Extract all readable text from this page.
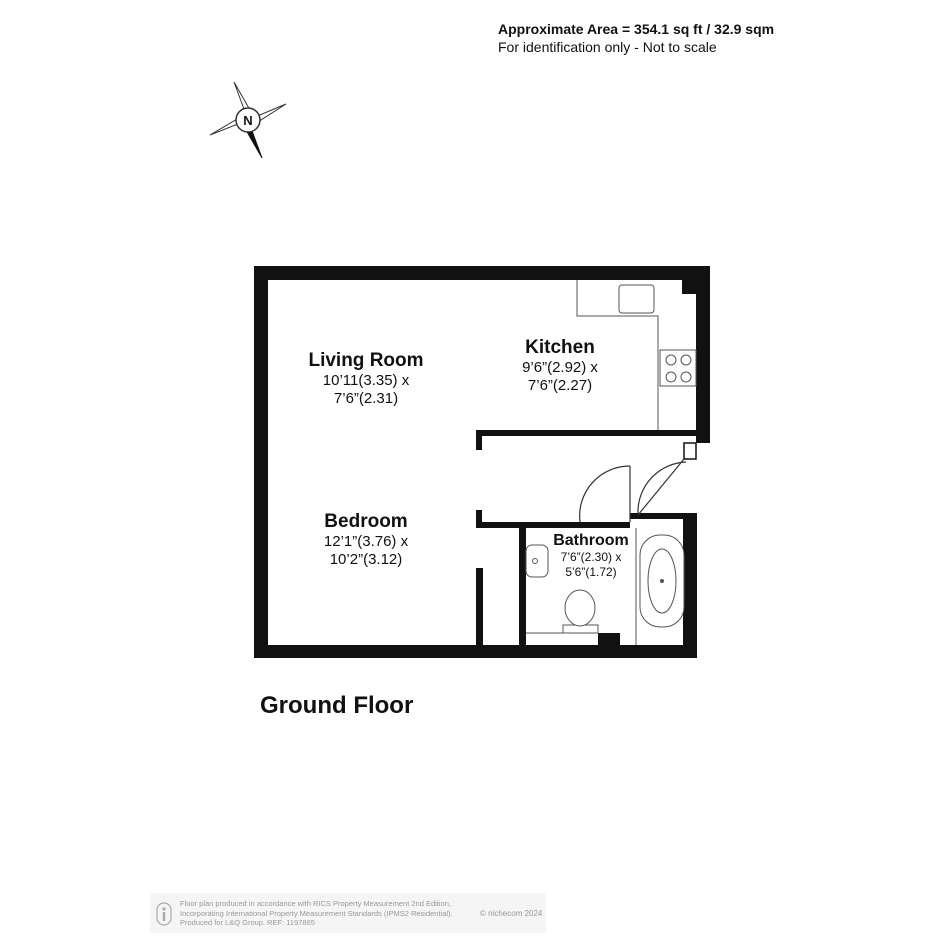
Approximate Area = 354.1 sq ft / 32.9 sqm
For identification only - Not to scale
N
Living Room
10’11(3.35) x
7’6”(2.31)
Kitchen
9’6”(2.92) x
7’6”(2.27)
Bedroom
12’1”(3.76) x
10’2”(3.12)
Bathroom
7’6”(2.30) x
5’6”(1.72)
Ground Floor
Floor plan produced in accordance with RICS Property Measurement 2nd Edition,
Incorporating International Property Measurement Standards (IPMS2 Residential).
Produced for L&Q Group. REF: 1197865
© nichecom 2024
